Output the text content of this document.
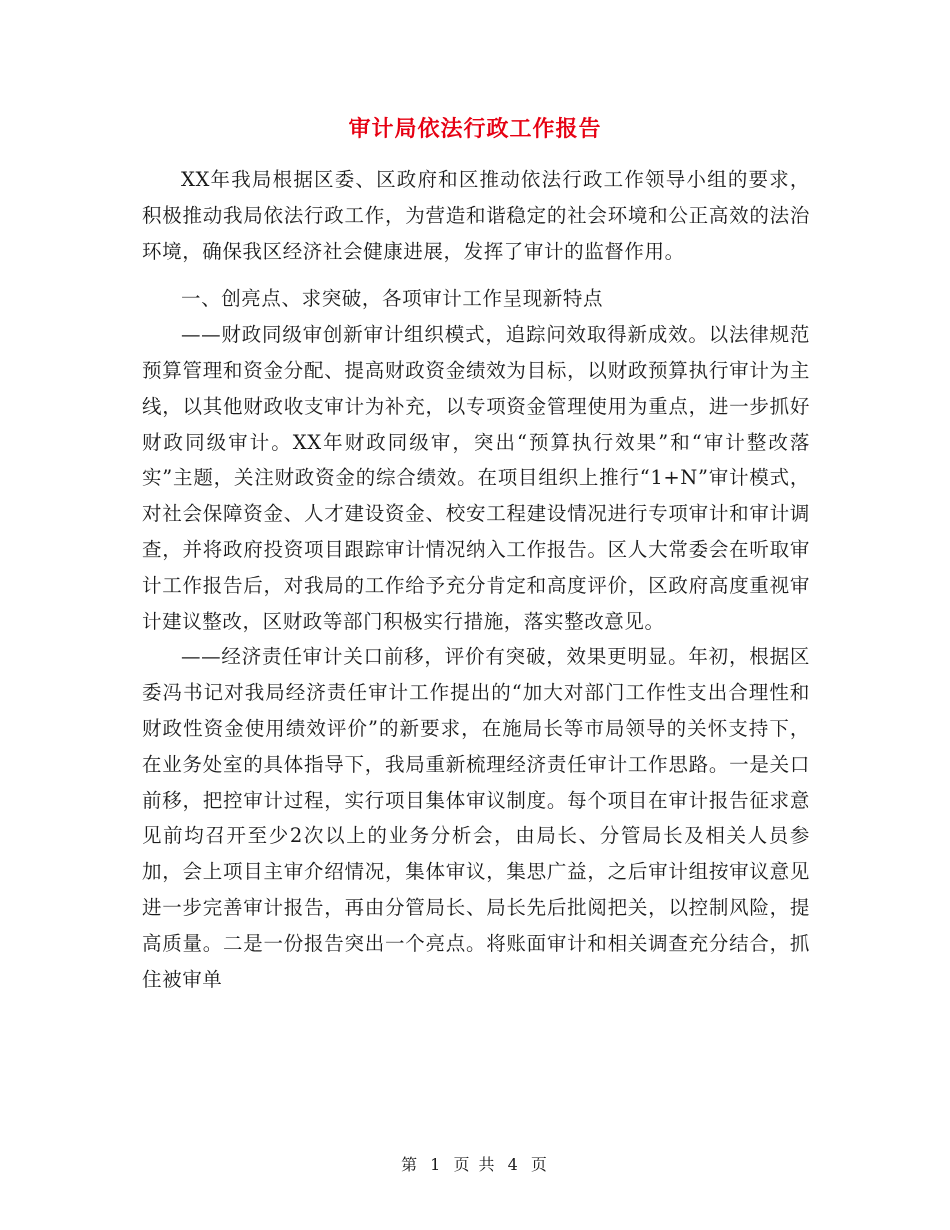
审计局依法行政工作报告

XX年我局根据区委、区政府和区推动依法行政工作领导小组的要求，积极推动我局依法行政工作，为营造和谐稳定的社会环境和公正高效的法治环境，确保我区经济社会健康进展，发挥了审计的监督作用。

一、创亮点、求突破，各项审计工作呈现新特点

——财政同级审创新审计组织模式，追踪问效取得新成效。以法律规范预算管理和资金分配、提高财政资金绩效为目标，以财政预算执行审计为主线，以其他财政收支审计为补充，以专项资金管理使用为重点，进一步抓好财政同级审计。XX年财政同级审，突出“预算执行效果”和“审计整改落实”主题，关注财政资金的综合绩效。在项目组织上推行“1+N”审计模式，对社会保障资金、人才建设资金、校安工程建设情况进行专项审计和审计调查，并将政府投资项目跟踪审计情况纳入工作报告。区人大常委会在听取审计工作报告后，对我局的工作给予充分肯定和高度评价，区政府高度重视审计建议整改，区财政等部门积极实行措施，落实整改意见。

——经济责任审计关口前移，评价有突破，效果更明显。年初，根据区委冯书记对我局经济责任审计工作提出的“加大对部门工作性支出合理性和财政性资金使用绩效评价”的新要求，在施局长等市局领导的关怀支持下，在业务处室的具体指导下，我局重新梳理经济责任审计工作思路。一是关口前移，把控审计过程，实行项目集体审议制度。每个项目在审计报告征求意见前均召开至少2次以上的业务分析会，由局长、分管局长及相关人员参加，会上项目主审介绍情况，集体审议，集思广益，之后审计组按审议意见进一步完善审计报告，再由分管局长、局长先后批阅把关，以控制风险，提高质量。二是一份报告突出一个亮点。将账面审计和相关调查充分结合，抓住被审单

第 1 页 共 4 页
